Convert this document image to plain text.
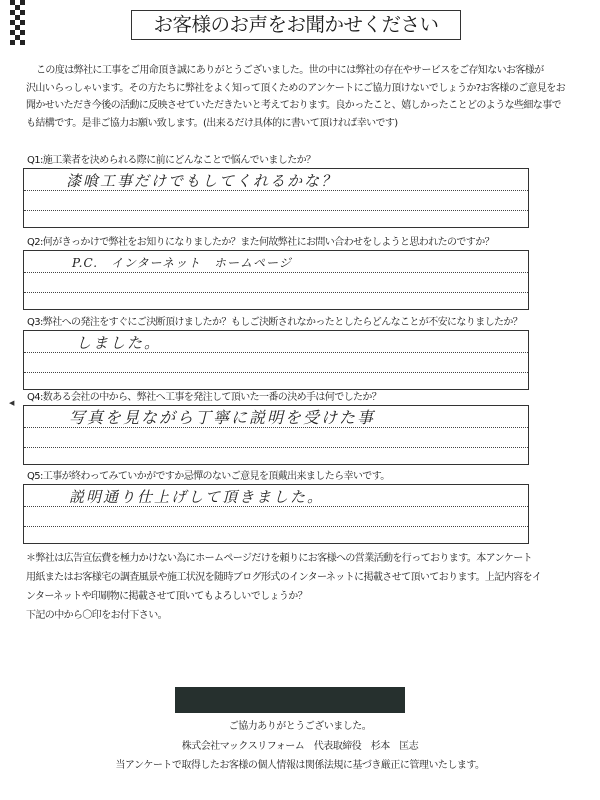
お客様のお声をお聞かせください

この度は弊社に工事をご用命頂き誠にありがとうございました。世の中には弊社の存在やサービスをご存知ないお客様が

沢山いらっしゃいます。その方たちに弊社をよく知って頂くためのアンケートにご協力頂けないでしょうか?お客様のご意見をお

聞かせいただき今後の活動に反映させていただきたいと考えております。良かったこと、嬉しかったことどのような些細な事で

も結構です。是非ご協力お願い致します。(出来るだけ具体的に書いて頂ければ幸いです)

Q1:施工業者を決められる際に前にどんなことで悩んでいましたか？
漆喰工事だけでもしてくれるかな？
Q2:何がきっかけで弊社をお知りになりましたか？また何故弊社にお問い合わせをしようと思われたのですか？
P.C.　インターネット　ホームページ
Q3:弊社への発注をすぐにご決断頂けましたか？もしご決断されなかったとしたらどんなことが不安になりましたか？
しました。
◀ Q4:数ある会社の中から、弊社へ工事を発注して頂いた一番の決め手は何でしたか？
写真を見ながら丁寧に説明を受けた事
Q5:工事が終わってみていかがですか忌憚のないご意見を頂戴出来ましたら幸いです。
説明通り仕上げして頂きました。

＊弊社は広告宣伝費を極力かけない為にホームページだけを頼りにお客様への営業活動を行っております。本アンケート

用紙またはお客様宅の調査風景や施工状況を随時ブログ形式のインターネットに掲載させて頂いております。上記内容をイ

ンターネットや印刷物に掲載させて頂いてもよろしいでしょうか？

下記の中から〇印をお付下さい。

ご協力ありがとうございました。
株式会社マックスリフォーム　代表取締役　杉本　匡志
当アンケートで取得したお客様の個人情報は関係法規に基づき厳正に管理いたします。
